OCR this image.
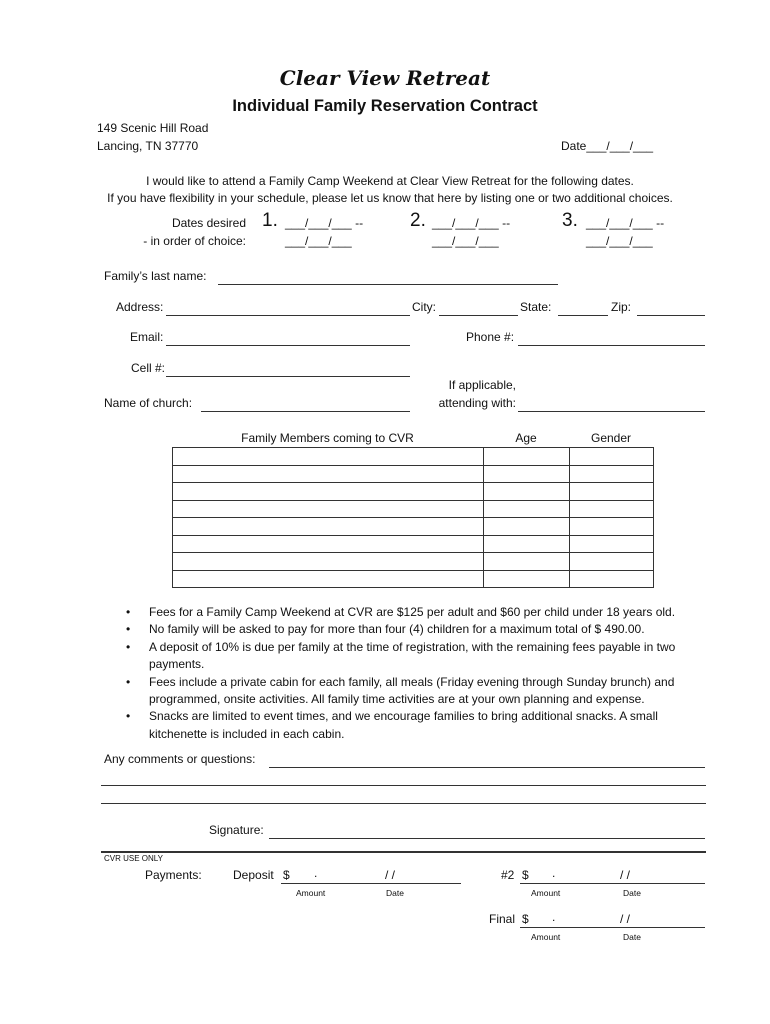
Clear View Retreat
Individual Family Reservation Contract
149 Scenic Hill Road
Lancing, TN 37770	Date___/___/___
I would like to attend a Family Camp Weekend at Clear View Retreat for the following dates.
If you have flexibility in your schedule, please let us know that here by listing one or two additional choices.
Dates desired
- in order of choice:
1. ___/___/___ --
___/___/___
2. ___/___/___ --
___/___/___
3. ___/___/___ --
___/___/___
Family’s last name:
Address:	City:	State:	Zip:
Email:	Phone #:
Cell #:
If applicable,
Name of church:	attending with:
Family Members coming to CVR	Age	Gender

• Fees for a Family Camp Weekend at CVR are $125 per adult and $60 per child under 18 years old.
• No family will be asked to pay for more than four (4) children for a maximum total of $ 490.00.
• A deposit of 10% is due per family at the time of registration, with the remaining fees payable in two payments.
• Fees include a private cabin for each family, all meals (Friday evening through Sunday brunch) and programmed, onsite activities. All family time activities are at your own planning and expense.
• Snacks are limited to event times, and we encourage families to bring additional snacks. A small kitchenette is included in each cabin.
Any comments or questions:
Signature:
CVR USE ONLY
Payments:	Deposit $ .	/ /
Amount	Date
#2 $ .	/ /
Amount	Date
Final $ .	/ /
Amount	Date
